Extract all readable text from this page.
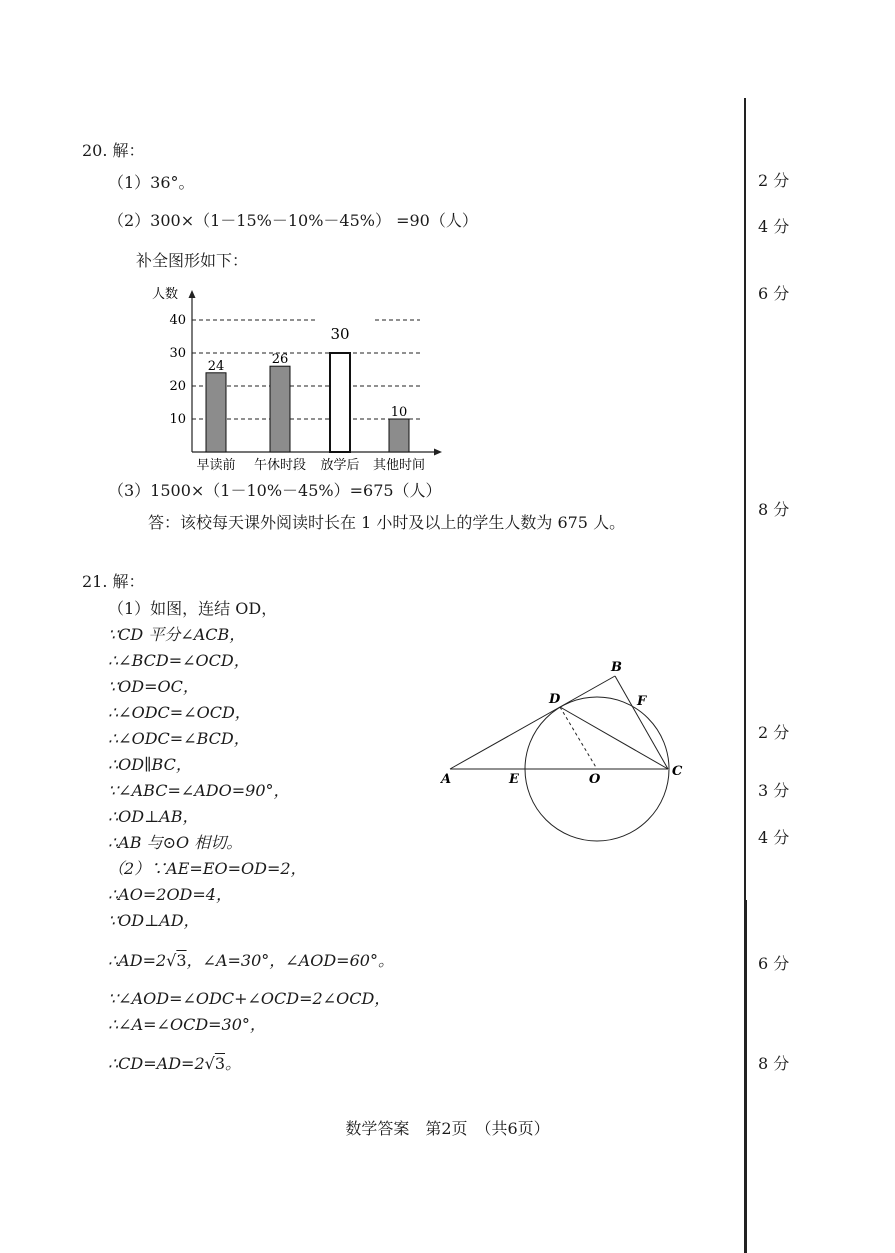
20. 解：
（1）36°。
（2）300×（1－15%－10%－45%） =90（人）
补全图形如下：
人数
10
20
30
40
24
早读前
26
午休时段
30
放学后
10
其他时间
（3）1500×（1－10%－45%）=675（人）
答：该校每天课外阅读时长在 1 小时及以上的学生人数为 675 人。
21. 解：
（1）如图，连结 OD，
∵CD 平分∠ACB，
∴∠BCD=∠OCD，
∵OD=OC，
∴∠ODC=∠OCD，
∴∠ODC=∠BCD，
∴OD∥BC，
∵∠ABC=∠ADO=90°，
∴OD⊥AB，
∴AB 与⊙O 相切。
（2）∵AE=EO=OD=2，
∴AO=2OD=4，
∵OD⊥AD，
∴AD=2√3，∠A=30°，∠AOD=60°。
∵∠AOD=∠ODC+∠OCD=2∠OCD，
∴∠A=∠OCD=30°，
∴CD=AD=2√3。
A
B
C
D
E
F
O
2 分
4 分
6 分
8 分
2 分
3 分
4 分
6 分
8 分
数学答案　第2页　（共6页）
